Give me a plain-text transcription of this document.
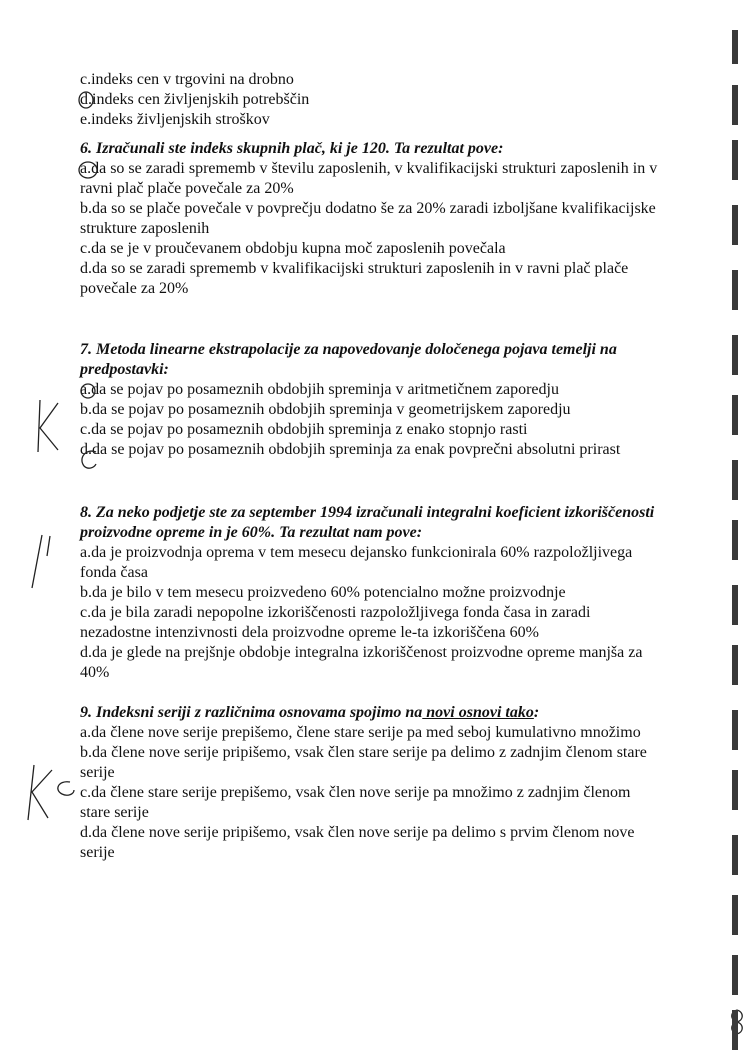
c.indeks cen v trgovini na drobno
d.indeks cen življenjskih potrebščin
e.indeks življenjskih stroškov
6. Izračunali ste indeks skupnih plač, ki je 120. Ta rezultat pove:
a.da so se zaradi sprememb v številu zaposlenih, v kvalifikacijski strukturi zaposlenih in v ravni plač plače povečale za 20%
b.da so se plače povečale v povprečju dodatno še za 20% zaradi izboljšane kvalifikacijske strukture zaposlenih
c.da se je v proučevanem obdobju kupna moč zaposlenih povečala
d.da so se zaradi sprememb v kvalifikacijski strukturi zaposlenih in v ravni plač plače povečale za 20%
7. Metoda linearne ekstrapolacije za napovedovanje določenega pojava temelji na predpostavki:
a.da se pojav po posameznih obdobjih spreminja v aritmetičnem zaporedju
b.da se pojav po posameznih obdobjih spreminja v geometrijskem zaporedju
c.da se pojav po posameznih obdobjih spreminja z enako stopnjo rasti
d.da se pojav po posameznih obdobjih spreminja za enak povprečni absolutni prirast
8. Za neko podjetje ste za september 1994 izračunali integralni koeficient izkoriščenosti proizvodne opreme in je 60%. Ta rezultat nam pove:
a.da je proizvodnja oprema v tem mesecu dejansko funkcionirala 60% razpoložljivega fonda časa
b.da je bilo v tem mesecu proizvedeno 60% potencialno možne proizvodnje
c.da je bila zaradi nepopolne izkoriščenosti razpoložljivega fonda časa in zaradi nezadostne intenzivnosti dela proizvodne opreme le-ta izkoriščena 60%
d.da je glede na prejšnje obdobje integralna izkoriščenost proizvodne opreme manjša za 40%
9. Indeksni seriji z različnima osnovama spojimo na novi osnovi tako:
a.da člene nove serije prepišemo, člene stare serije pa med seboj kumulativno množimo
b.da člene nove serije pripišemo, vsak člen stare serije pa delimo z zadnjim členom stare serije
c.da člene stare serije prepišemo, vsak člen nove serije pa množimo z zadnjim členom stare serije
d.da člene nove serije pripišemo, vsak člen nove serije pa delimo s prvim členom nove serije
